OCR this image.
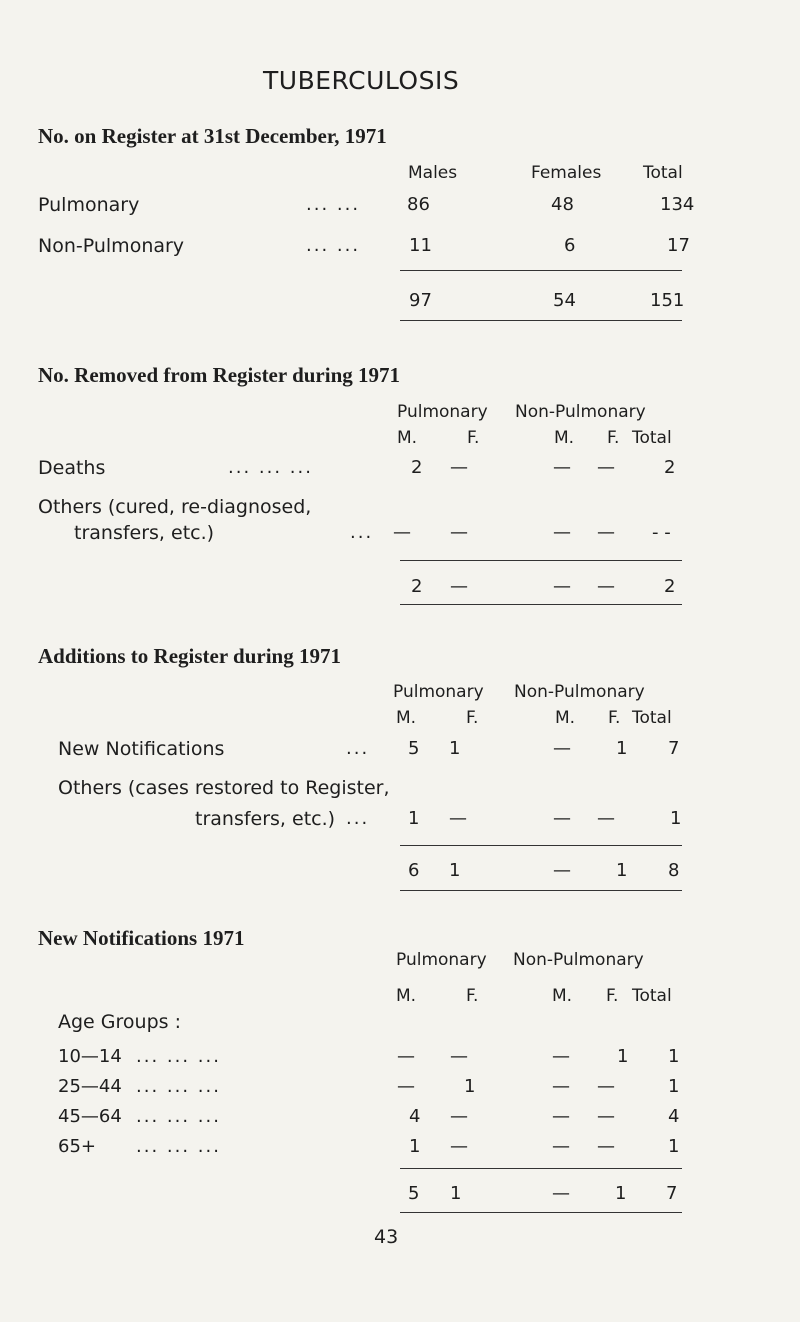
TUBERCULOSIS
No. on Register at 31st December, 1971
Males	Females Total
Pulmonary	... ...	86	48	134
Non-Pulmonary	... ...	11	6	17
97	54	151
No. Removed from Register during 1971
Pulmonary Non-Pulmonary
M.	F.	M. F. Total
Deaths	... ... ...	2 —	— —	2
Others (cured, re-diagnosed,
transfers, etc.)	... — —	— — - -
2 —	— —	2
Additions to Register during 1971
Pulmonary Non-Pulmonary
M.	F.	M. F. Total
New Notifications	... 5 1	—	1 7
Others (cases restored to Register,
transfers, etc.) ... 1 —	— —	1
6 1	—	1 8
New Notifications 1971
Pulmonary Non-Pulmonary
M.	F.	M. F. Total
Age Groups :
10—14 ... ... ...	— —	—	1 1
25—44 ... ... ...	—	1	— —	1
45—64 ... ... ...	4 —	— —	4
65+ ... ... ...	1 —	— —	1
5 1	—	1 7
43
